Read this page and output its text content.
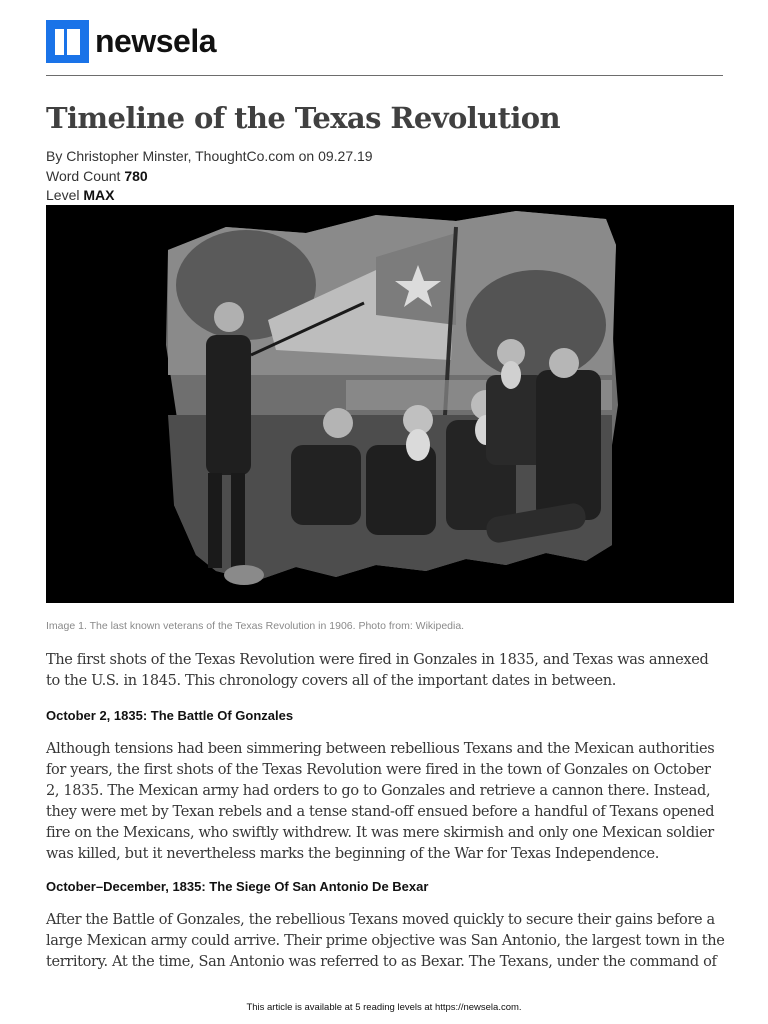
newsela
Timeline of the Texas Revolution
By Christopher Minster, ThoughtCo.com on 09.27.19
Word Count 780
Level MAX
Image 1. The last known veterans of the Texas Revolution in 1906. Photo from: Wikipedia.

The first shots of the Texas Revolution were fired in Gonzales in 1835, and Texas was annexed to the U.S. in 1845. This chronology covers all of the important dates in between.

October 2, 1835: The Battle Of Gonzales

Although tensions had been simmering between rebellious Texans and the Mexican authorities for years, the first shots of the Texas Revolution were fired in the town of Gonzales on October 2, 1835. The Mexican army had orders to go to Gonzales and retrieve a cannon there. Instead, they were met by Texan rebels and a tense stand-off ensued before a handful of Texans opened fire on the Mexicans, who swiftly withdrew. It was mere skirmish and only one Mexican soldier was killed, but it nevertheless marks the beginning of the War for Texas Independence.

October–December, 1835: The Siege Of San Antonio De Bexar

After the Battle of Gonzales, the rebellious Texans moved quickly to secure their gains before a large Mexican army could arrive. Their prime objective was San Antonio, the largest town in the territory. At the time, San Antonio was referred to as Bexar. The Texans, under the command of

This article is available at 5 reading levels at https://newsela.com.
